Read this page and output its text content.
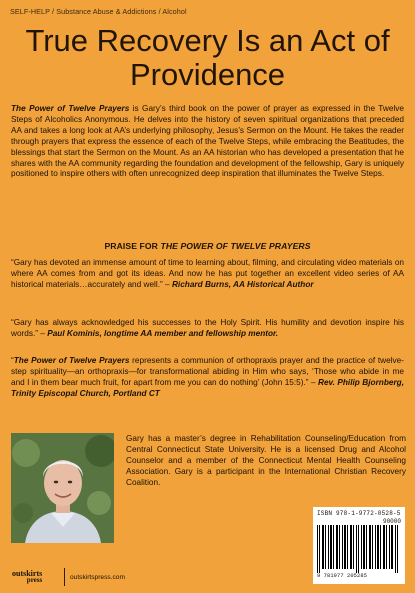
SELF-HELP / Substance Abuse & Addictions / Alcohol
True Recovery Is an Act of
Providence
The Power of Twelve Prayers is Gary’s third book on the power of prayer as expressed in the Twelve Steps of Alcoholics Anonymous. He delves into the history of seven spiritual organizations that preceded AA and takes a long look at AA’s underlying philosophy, Jesus’s Sermon on the Mount. He takes the reader through prayers that express the essence of each of the Twelve Steps, while embracing the Beatitudes, the blessings that start the Sermon on the Mount. As an AA historian who has developed a presentation that he shares with the AA community regarding the foundation and development of the fellowship, Gary is uniquely positioned to inspire others with often unrecognized deep inspiration that illuminates the Twelve Steps.
PRAISE FOR THE POWER OF TWELVE PRAYERS
“Gary has devoted an immense amount of time to learning about, filming, and circulating video materials on where AA comes from and got its ideas. And now he has put together an excellent video series of AA historical materials…accurately and well.” – Richard Burns, AA Historical Author
“Gary has always acknowledged his successes to the Holy Spirit. His humility and devotion inspire his words.” – Paul Kominis, longtime AA member and fellowship mentor.
“The Power of Twelve Prayers represents a communion of orthopraxis prayer and the practice of twelve-step spirituality—an orthopraxis—for transformational abiding in Him who says, ‘Those who abide in me and I in them bear much fruit, for apart from me you can do nothing’ (John 15:5).” – Rev. Philip Bjornberg, Trinity Episcopal Church, Portland CT
Gary has a master’s degree in Rehabilitation Counseling/Education from Central Connecticut State University. He is a licensed Drug and Alcohol Counselor and a member of the Connecticut Mental Health Counseling Association. Gary is a participant in the International Christian Recovery Coalition.
ISBN 978-1-9772-0528-5
90000
9 781977 205285
outskirts
press	outskirtspress.com
